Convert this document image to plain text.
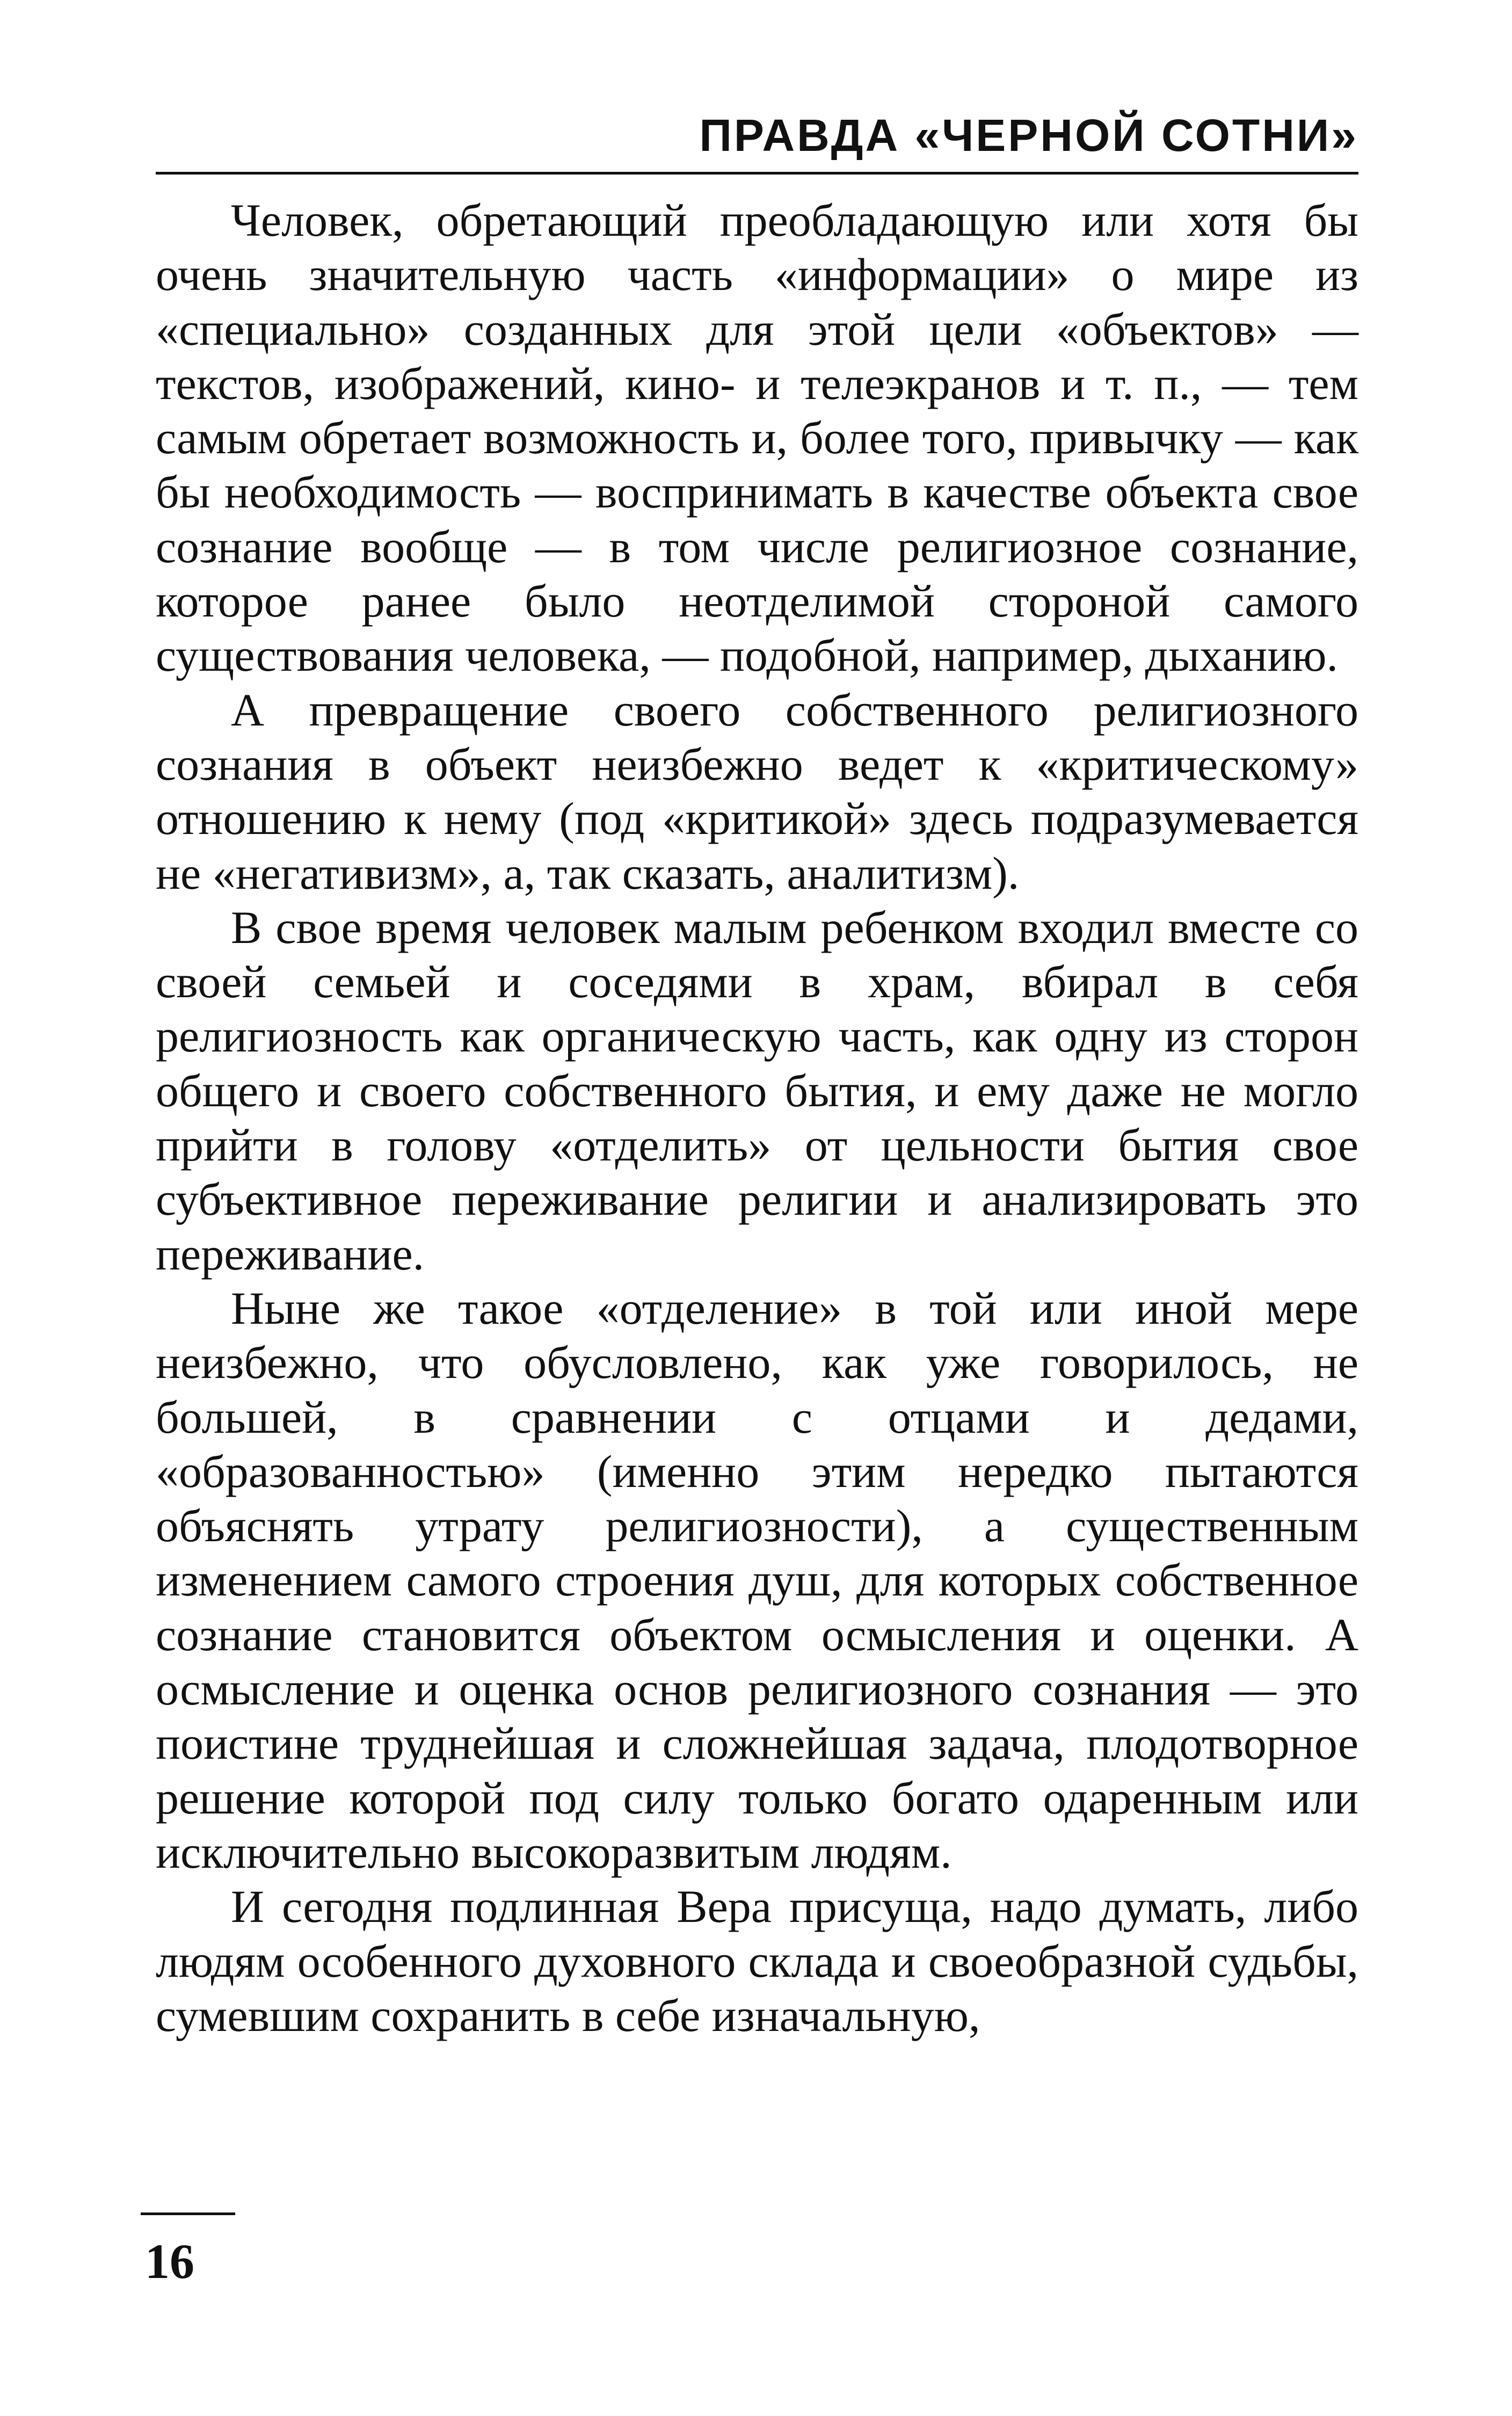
ПРАВДА «ЧЕРНОЙ СОТНИ»

Человек, обретающий преобладающую или хотя бы очень значительную часть «информации» о мире из «специально» созданных для этой цели «объектов» — текстов, изображений, кино- и телеэкранов и т. п., — тем самым обретает возможность и, более того, привычку — как бы необходимость — воспринимать в качестве объекта свое сознание вообще — в том числе религиозное сознание, которое ранее было неотделимой стороной самого существования человека, — подобной, например, дыханию.

А превращение своего собственного религиозного сознания в объект неизбежно ведет к «критическому» отношению к нему (под «критикой» здесь подразумевается не «негативизм», а, так сказать, аналитизм).

В свое время человек малым ребенком входил вместе со своей семьей и соседями в храм, вбирал в себя религиозность как органическую часть, как одну из сторон общего и своего собственного бытия, и ему даже не могло прийти в голову «отделить» от цельности бытия свое субъективное переживание религии и анализировать это переживание.

Ныне же такое «отделение» в той или иной мере неизбежно, что обусловлено, как уже говорилось, не большей, в сравнении с отцами и дедами, «образованностью» (именно этим нередко пытаются объяснять утрату религиозности), а существенным изменением самого строения душ, для которых собственное сознание становится объектом осмысления и оценки. А осмысление и оценка основ религиозного сознания — это поистине труднейшая и сложнейшая задача, плодотворное решение которой под силу только богато одаренным или исключительно высокоразвитым людям.

И сегодня подлинная Вера присуща, надо думать, либо людям особенного духовного склада и своеобразной судьбы, сумевшим сохранить в себе изначальную,

16
